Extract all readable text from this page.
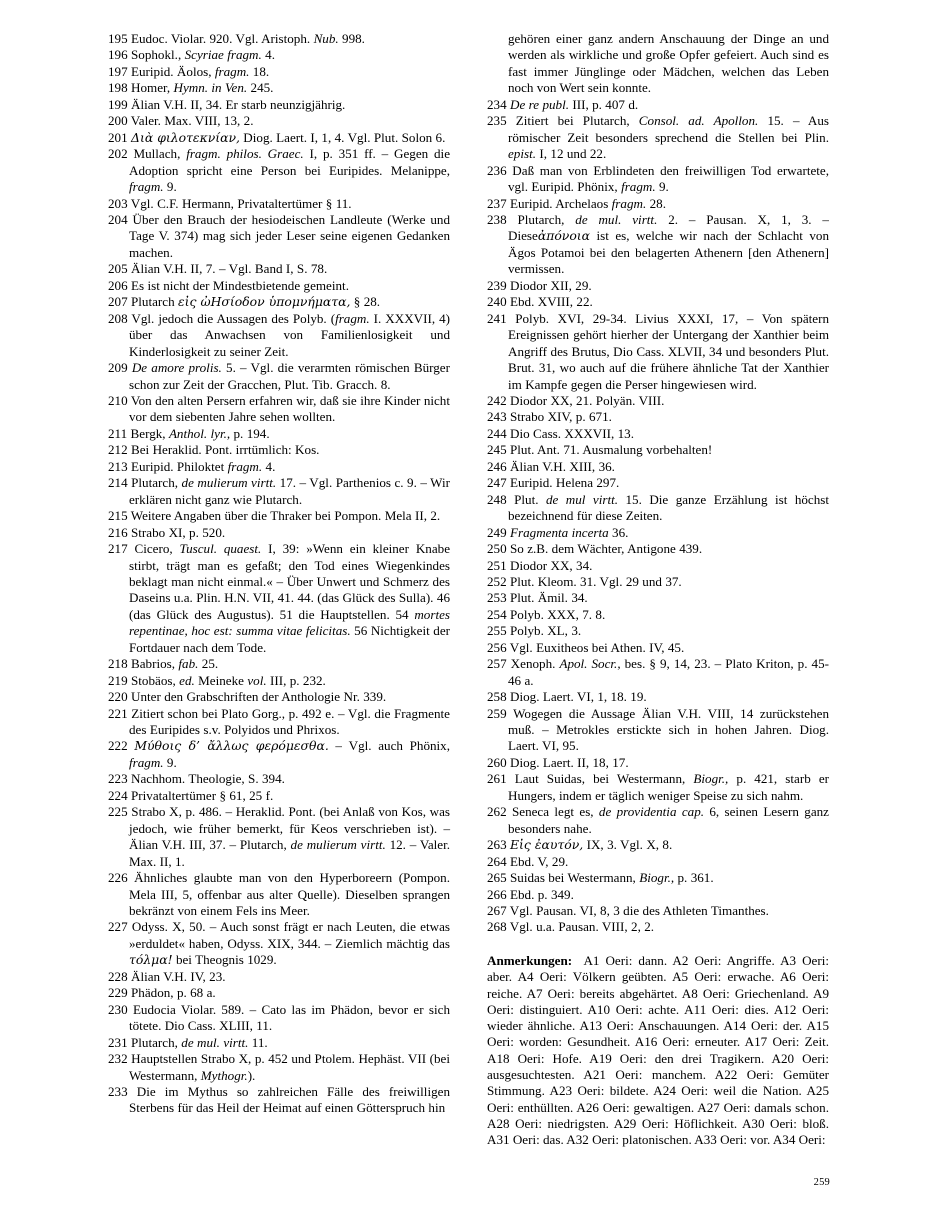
195 Eudoc. Violar. 920. Vgl. Aristoph. Nub. 998.

196 Sophokl., Scyriae fragm. 4.

197 Euripid. Äolos, fragm. 18.

198 Homer, Hymn. in Ven. 245.

199 Älian V.H. II, 34. Er starb neunzigjährig.

200 Valer. Max. VIII, 13, 2.

201 Διὰ φιλοτεκνίαν, Diog. Laert. I, 1, 4. Vgl. Plut. Solon 6.

202 Mullach, fragm. philos. Graec. I, p. 351 ff. – Gegen die Adoption spricht eine Person bei Euripides. Melanippe, fragm. 9.

203 Vgl. C.F. Hermann, Privataltertümer § 11.

204 Über den Brauch der hesiodeischen Landleute (Werke und Tage V. 374) mag sich jeder Leser seine eigenen Gedanken machen.

205 Älian V.H. II, 7. – Vgl. Band I, S. 78.

206 Es ist nicht der Mindestbietende gemeint.

207 Plutarch εἰς ὠΗσίοδον ὑπομνήματα, § 28.

208 Vgl. jedoch die Aussagen des Polyb. (fragm. I. XXXVII, 4) über das Anwachsen von Familienlosigkeit und Kinderlosigkeit zu seiner Zeit.

209 De amore prolis. 5. – Vgl. die verarmten römischen Bürger schon zur Zeit der Gracchen, Plut. Tib. Gracch. 8.

210 Von den alten Persern erfahren wir, daß sie ihre Kinder nicht vor dem siebenten Jahre sehen wollten.

211 Bergk, Anthol. lyr., p. 194.

212 Bei Heraklid. Pont. irrtümlich: Kos.

213 Euripid. Philoktet fragm. 4.

214 Plutarch, de mulierum virtt. 17. – Vgl. Parthenios c. 9. – Wir erklären nicht ganz wie Plutarch.

215 Weitere Angaben über die Thraker bei Pompon. Mela II, 2.

216 Strabo XI, p. 520.

217 Cicero, Tuscul. quaest. I, 39: »Wenn ein kleiner Knabe stirbt, trägt man es gefaßt; den Tod eines Wiegenkindes beklagt man nicht einmal.« – Über Unwert und Schmerz des Daseins u.a. Plin. H.N. VII, 41. 44. (das Glück des Sulla). 46 (das Glück des Augustus). 51 die Hauptstellen. 54 mortes repentinae, hoc est: summa vitae felicitas. 56 Nichtigkeit der Fortdauer nach dem Tode.

218 Babrios, fab. 25.

219 Stobäos, ed. Meineke vol. III, p. 232.

220 Unter den Grabschriften der Anthologie Nr. 339.

221 Zitiert schon bei Plato Gorg., p. 492 e. – Vgl. die Fragmente des Euripides s.v. Polyidos und Phrixos.

222 Μύθοις δ’ ἄλλως φερόμεσθα. – Vgl. auch Phönix, fragm. 9.

223 Nachhom. Theologie, S. 394.

224 Privataltertümer § 61, 25 f.

225 Strabo X, p. 486. – Heraklid. Pont. (bei Anlaß von Kos, was jedoch, wie früher bemerkt, für Keos verschrieben ist). – Älian V.H. III, 37. – Plutarch, de mulierum virtt. 12. – Valer. Max. II, 1.

226 Ähnliches glaubte man von den Hyperboreern (Pompon. Mela III, 5, offenbar aus alter Quelle). Dieselben sprangen bekränzt von einem Fels ins Meer.

227 Odyss. X, 50. – Auch sonst frägt er nach Leuten, die etwas »erduldet« haben, Odyss. XIX, 344. – Ziemlich mächtig das τόλμα! bei Theognis 1029.

228 Älian V.H. IV, 23.

229 Phädon, p. 68 a.

230 Eudocia Violar. 589. – Cato las im Phädon, bevor er sich tötete. Dio Cass. XLIII, 11.

231 Plutarch, de mul. virtt. 11.

232 Hauptstellen Strabo X, p. 452 und Ptolem. Hephäst. VII (bei Westermann, Mythogr.).

233 Die im Mythus so zahlreichen Fälle des freiwilligen Sterbens für das Heil der Heimat auf einen Götterspruch hin

gehören einer ganz andern Anschauung der Dinge an und werden als wirkliche und große Opfer gefeiert. Auch sind es fast immer Jünglinge oder Mädchen, welchen das Leben noch von Wert sein konnte.

234 De re publ. III, p. 407 d.

235 Zitiert bei Plutarch, Consol. ad. Apollon. 15. – Aus römischer Zeit besonders sprechend die Stellen bei Plin. epist. I, 12 und 22.

236 Daß man von Erblindeten den freiwilligen Tod erwartete, vgl. Euripid. Phönix, fragm. 9.

237 Euripid. Archelaos fragm. 28.

238 Plutarch, de mul. virtt. 2. – Pausan. X, 1, 3. – Dieseἀπόνοια ist es, welche wir nach der Schlacht von Ägos Potamoi bei den belagerten Athenern [den Athenern] vermissen.

239 Diodor XII, 29.

240 Ebd. XVIII, 22.

241 Polyb. XVI, 29-34. Livius XXXI, 17, – Von spätern Ereignissen gehört hierher der Untergang der Xanthier beim Angriff des Brutus, Dio Cass. XLVII, 34 und besonders Plut. Brut. 31, wo auch auf die frühere ähnliche Tat der Xanthier im Kampfe gegen die Perser hingewiesen wird.

242 Diodor XX, 21. Polyän. VIII.

243 Strabo XIV, p. 671.

244 Dio Cass. XXXVII, 13.

245 Plut. Ant. 71. Ausmalung vorbehalten!

246 Älian V.H. XIII, 36.

247 Euripid. Helena 297.

248 Plut. de mul virtt. 15. Die ganze Erzählung ist höchst bezeichnend für diese Zeiten.

249 Fragmenta incerta 36.

250 So z.B. dem Wächter, Antigone 439.

251 Diodor XX, 34.

252 Plut. Kleom. 31. Vgl. 29 und 37.

253 Plut. Ämil. 34.

254 Polyb. XXX, 7. 8.

255 Polyb. XL, 3.

256 Vgl. Euxitheos bei Athen. IV, 45.

257 Xenoph. Apol. Socr., bes. § 9, 14, 23. – Plato Kriton, p. 45-46 a.

258 Diog. Laert. VI, 1, 18. 19.

259 Wogegen die Aussage Älian V.H. VIII, 14 zurückstehen muß. – Metrokles erstickte sich in hohen Jahren. Diog. Laert. VI, 95.

260 Diog. Laert. II, 18, 17.

261 Laut Suidas, bei Westermann, Biogr., p. 421, starb er Hungers, indem er täglich weniger Speise zu sich nahm.

262 Seneca legt es, de providentia cap. 6, seinen Lesern ganz besonders nahe.

263 Εἰς ἐαυτόν, IX, 3. Vgl. X, 8.

264 Ebd. V, 29.

265 Suidas bei Westermann, Biogr., p. 361.

266 Ebd. p. 349.

267 Vgl. Pausan. VI, 8, 3 die des Athleten Timanthes.

268 Vgl. u.a. Pausan. VIII, 2, 2.

Anmerkungen:  A1 Oeri: dann. A2 Oeri: Angriffe. A3 Oeri: aber. A4 Oeri: Völkern geübten. A5 Oeri: erwache. A6 Oeri: reiche. A7 Oeri: bereits abgehärtet. A8 Oeri: Griechenland. A9 Oeri: distinguiert. A10 Oeri: achte. A11 Oeri: dies. A12 Oeri: wieder ähnliche. A13 Oeri: Anschauungen. A14 Oeri: der. A15 Oeri: worden: Gesundheit. A16 Oeri: erneuter. A17 Oeri: Zeit. A18 Oeri: Hofe. A19 Oeri: den drei Tragikern. A20 Oeri: ausgesuchtesten. A21 Oeri: manchem. A22 Oeri: Gemüter Stimmung. A23 Oeri: bildete. A24 Oeri: weil die Nation. A25 Oeri: enthüllten. A26 Oeri: gewaltigen. A27 Oeri: damals schon. A28 Oeri: niedrigsten. A29 Oeri: Höflichkeit. A30 Oeri: bloß. A31 Oeri: das. A32 Oeri: platonischen. A33 Oeri: vor. A34 Oeri:

259
